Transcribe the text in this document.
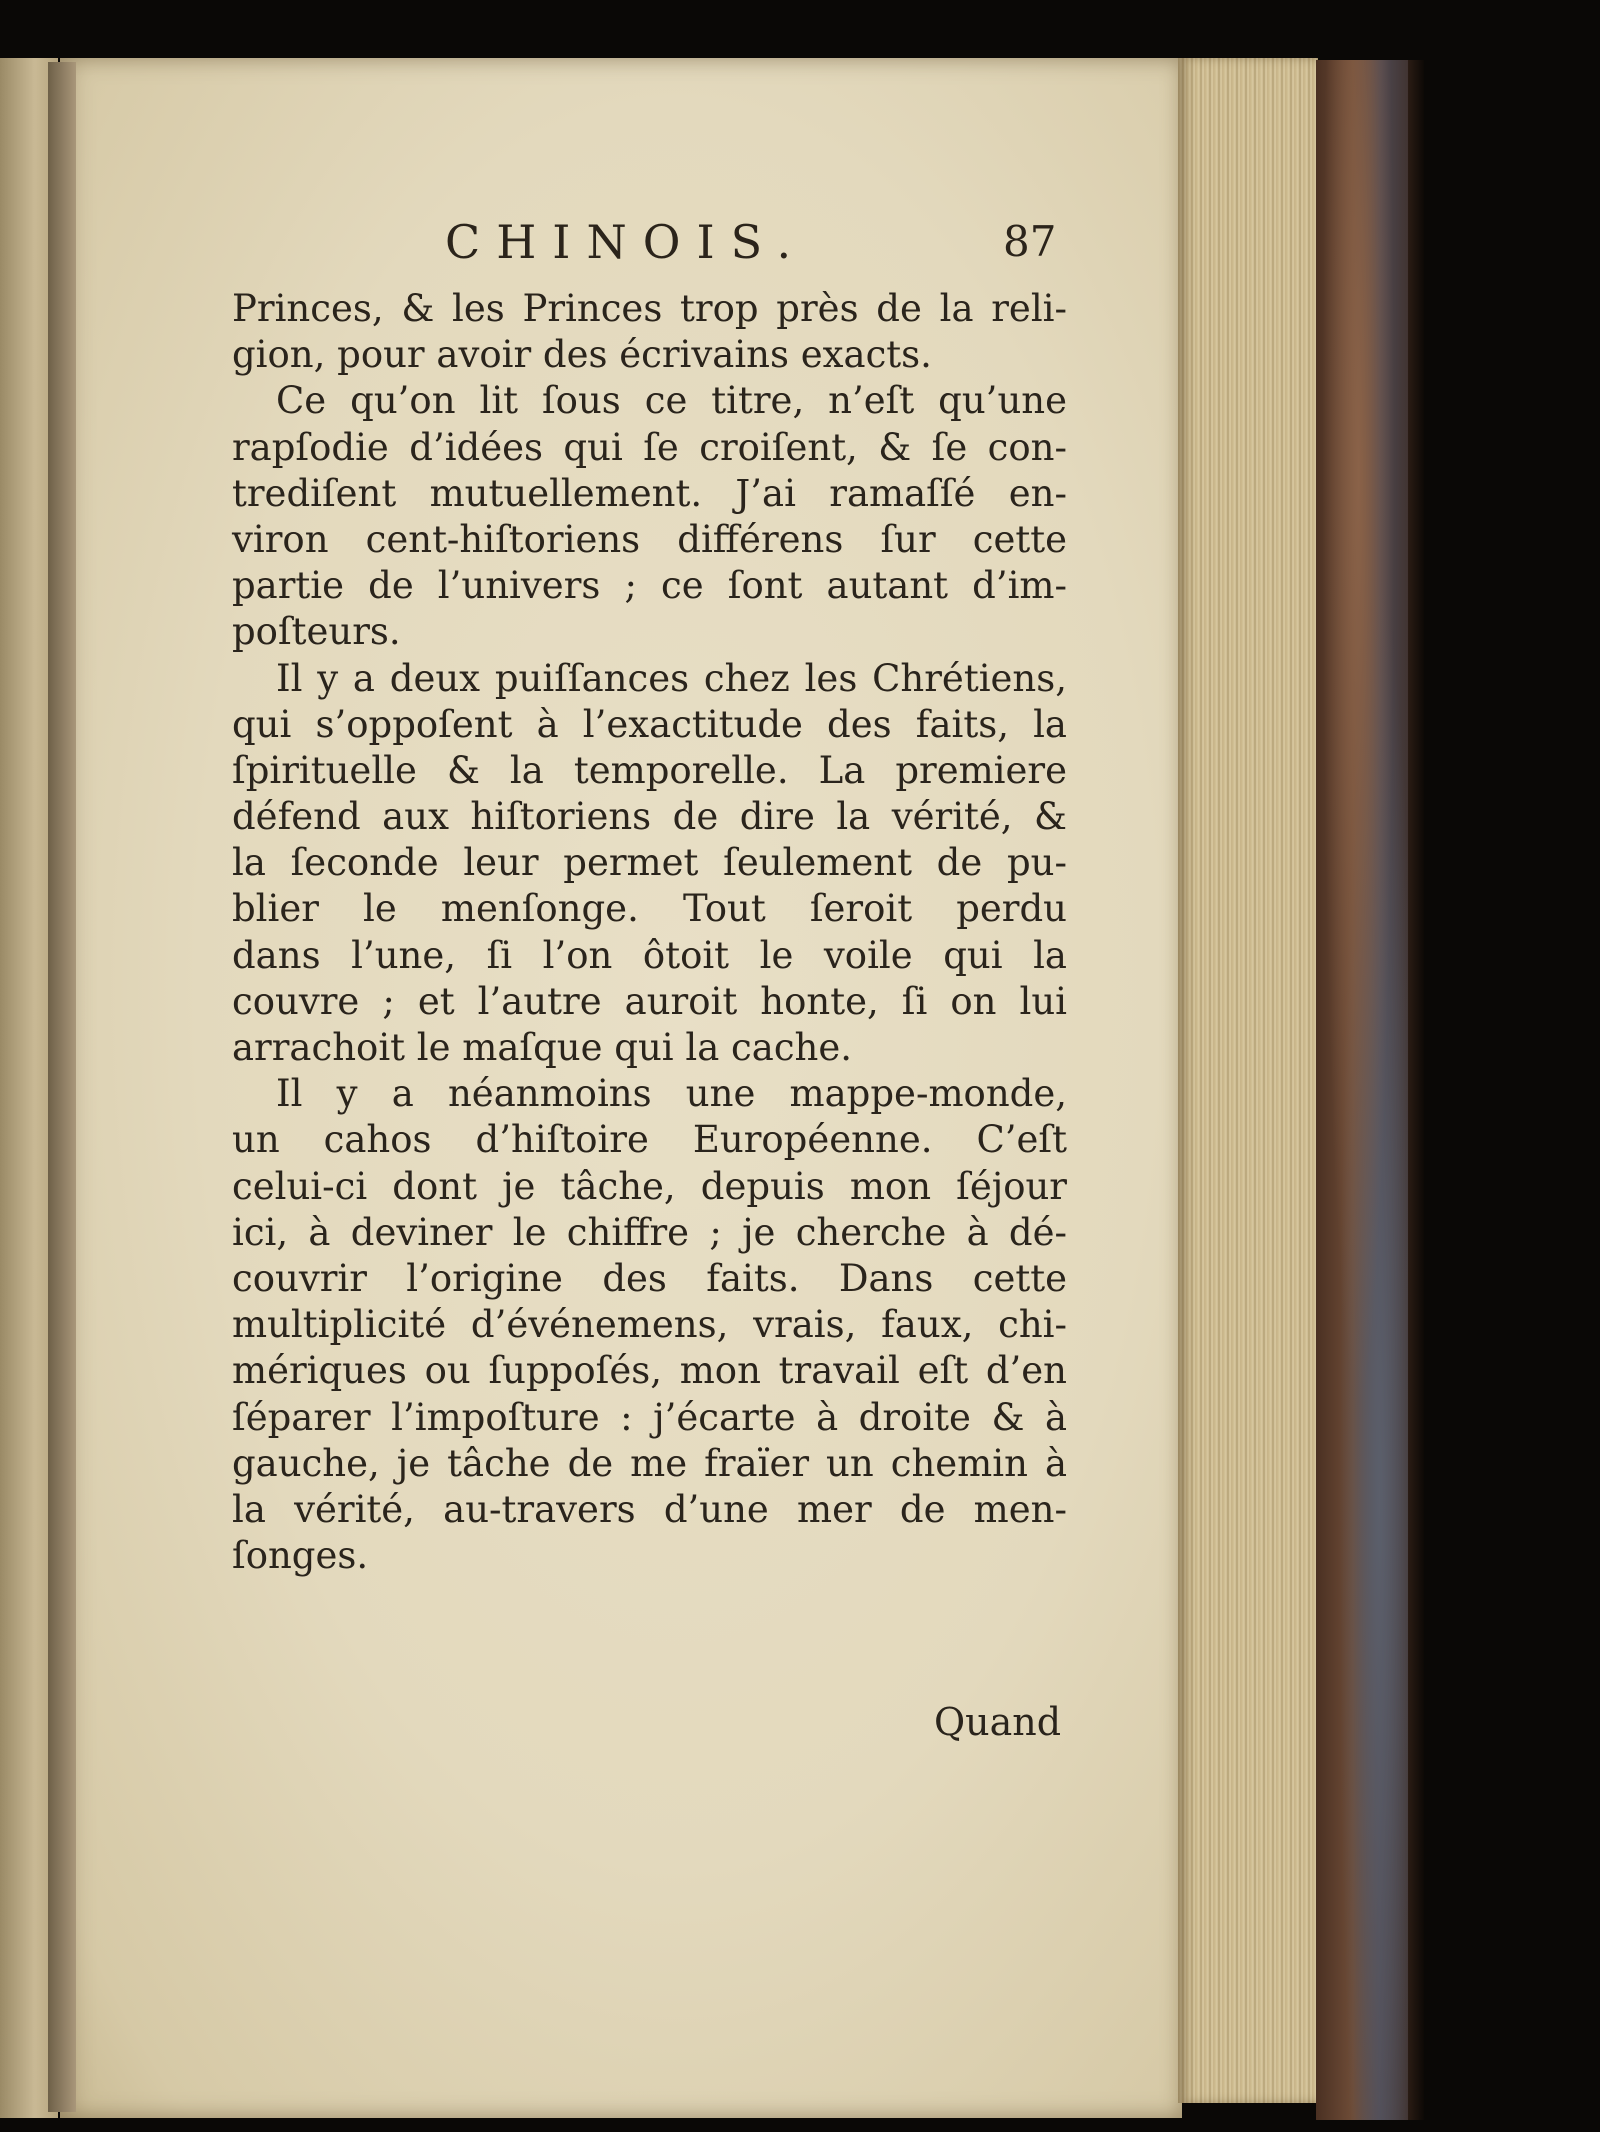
CHINOIS.	87
Princes, & les Princes trop près de la reli-
gion, pour avoir des écrivains exacts.
Ce qu’on lit ſous ce titre, n’eſt qu’une
rapſodie d’idées qui ſe croiſent, & ſe con-
trediſent mutuellement. J’ai ramaſſé en-
viron cent-hiſtoriens différens ſur cette
partie de l’univers ; ce ſont autant d’im-
poſteurs.
Il y a deux puiſſances chez les Chrétiens,
qui s’oppoſent à l’exactitude des faits, la
ſpirituelle & la temporelle. La premiere
défend aux hiſtoriens de dire la vérité, &
la ſeconde leur permet ſeulement de pu-
blier le menſonge. Tout ſeroit perdu
dans l’une, ſi l’on ôtoit le voile qui la
couvre ; et l’autre auroit honte, ſi on lui
arrachoit le maſque qui la cache.
Il y a néanmoins une mappe-monde,
un cahos d’hiſtoire Européenne. C’eſt
celui-ci dont je tâche, depuis mon ſéjour
ici, à deviner le chiffre ; je cherche à dé-
couvrir l’origine des faits. Dans cette
multiplicité d’événemens, vrais, faux, chi-
mériques ou ſuppoſés, mon travail eſt d’en
ſéparer l’impoſture : j’écarte à droite & à
gauche, je tâche de me fraïer un chemin à
la vérité, au-travers d’une mer de men-
ſonges.
Quand
